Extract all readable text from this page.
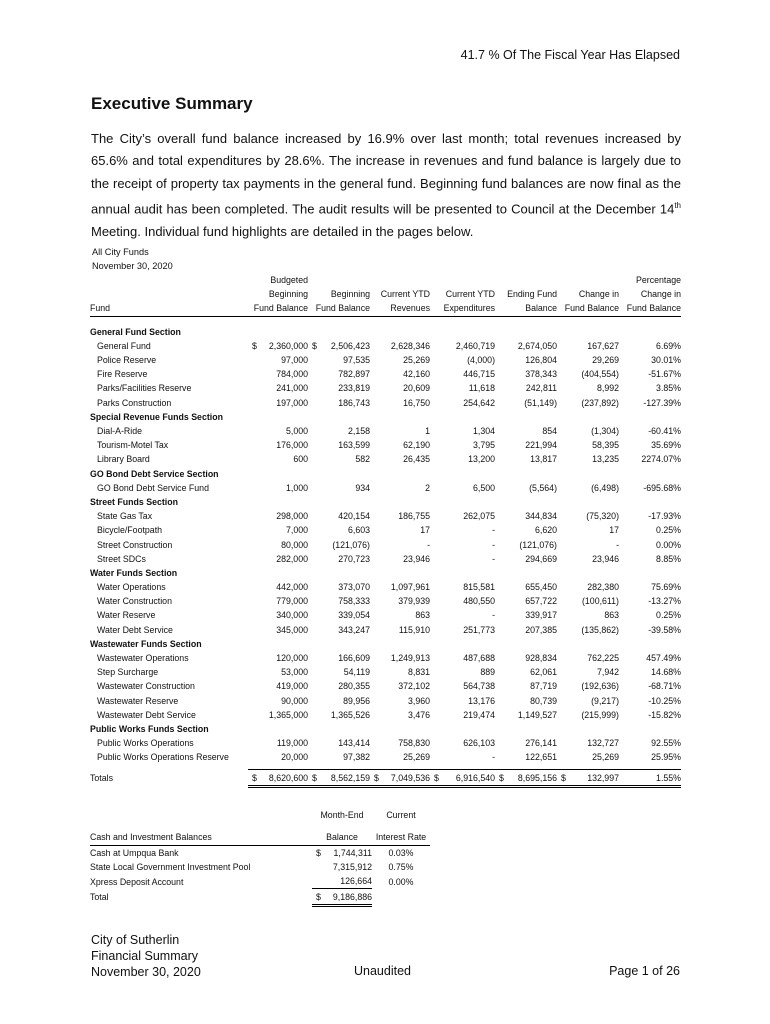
41.7 % Of The Fiscal Year Has Elapsed
Executive Summary

The City’s overall fund balance increased by 16.9% over last month; total revenues increased by 65.6% and total expenditures by 28.6%. The increase in revenues and fund balance is largely due to the receipt of property tax payments in the general fund. Beginning fund balances are now final as the annual audit has been completed. The audit results will be presented to Council at the December 14th Meeting. Individual fund highlights are detailed in the pages below.

All City Funds
November 30, 2020
	Budgeted						Percentage
	Beginning	Beginning	Current YTD	Current YTD	Ending Fund	Change in	Change in
Fund	Fund Balance	Fund Balance	Revenues	Expenditures	Balance	Fund Balance	Fund Balance

General Fund Section							
General Fund	$ 2,360,000	$ 2,506,423	2,628,346	2,460,719	2,674,050	167,627	6.69%
Police Reserve	97,000	97,535	25,269	(4,000)	126,804	29,269	30.01%
Fire Reserve	784,000	782,897	42,160	446,715	378,343	(404,554)	-51.67%
Parks/Facilities Reserve	241,000	233,819	20,609	11,618	242,811	8,992	3.85%
Parks Construction	197,000	186,743	16,750	254,642	(51,149)	(237,892)	-127.39%
Special Revenue Funds Section							
Dial-A-Ride	5,000	2,158	1	1,304	854	(1,304)	-60.41%
Tourism-Motel Tax	176,000	163,599	62,190	3,795	221,994	58,395	35.69%
Library Board	600	582	26,435	13,200	13,817	13,235	2274.07%
GO Bond Debt Service Section							
GO Bond Debt Service Fund	1,000	934	2	6,500	(5,564)	(6,498)	-695.68%
Street Funds Section							
State Gas Tax	298,000	420,154	186,755	262,075	344,834	(75,320)	-17.93%
Bicycle/Footpath	7,000	6,603	17	-	6,620	17	0.25%
Street Construction	80,000	(121,076)	-	-	(121,076)	-	0.00%
Street SDCs	282,000	270,723	23,946	-	294,669	23,946	8.85%
Water Funds Section							
Water Operations	442,000	373,070	1,097,961	815,581	655,450	282,380	75.69%
Water Construction	779,000	758,333	379,939	480,550	657,722	(100,611)	-13.27%
Water Reserve	340,000	339,054	863	-	339,917	863	0.25%
Water Debt Service	345,000	343,247	115,910	251,773	207,385	(135,862)	-39.58%
Wastewater Funds Section							
Wastewater Operations	120,000	166,609	1,249,913	487,688	928,834	762,225	457.49%
Step Surcharge	53,000	54,119	8,831	889	62,061	7,942	14.68%
Wastewater Construction	419,000	280,355	372,102	564,738	87,719	(192,636)	-68.71%
Wastewater Reserve	90,000	89,956	3,960	13,176	80,739	(9,217)	-10.25%
Wastewater Debt Service	1,365,000	1,365,526	3,476	219,474	1,149,527	(215,999)	-15.82%
Public Works Funds Section							
Public Works Operations	119,000	143,414	758,830	626,103	276,141	132,727	92.55%
Public Works Operations Reserve	20,000	97,382	25,269	-	122,651	25,269	25.95%

Totals	$ 8,620,600	$ 8,562,159	$ 7,049,536	$ 6,916,540	$ 8,695,156	$ 132,997	1.55%
		Month-End	Current

Cash and Investment Balances		Balance	Interest Rate
Cash at Umpqua Bank		$ 1,744,311	0.03%
State Local Government Investment Pool		7,315,912	0.75%
Xpress Deposit Account		126,664	0.00%
Total		$ 9,186,886	
City of Sutherlin
Financial Summary
November 30, 2020	Unaudited	Page 1 of 26
